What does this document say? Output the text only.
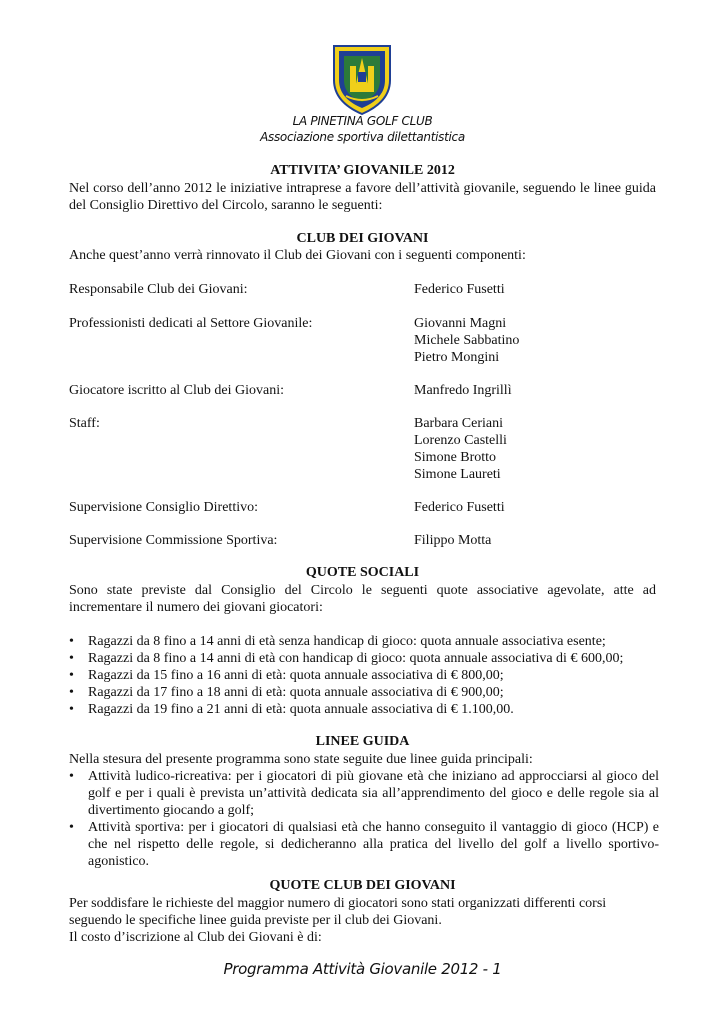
LA PINETINA GOLF CLUB
Associazione sportiva dilettantistica
ATTIVITA’ GIOVANILE 2012
Nel corso dell’anno 2012 le iniziative intraprese a favore dell’attività giovanile, seguendo le linee guida del Consiglio Direttivo del Circolo, saranno le seguenti:
CLUB DEI GIOVANI
Anche quest’anno verrà rinnovato il Club dei Giovani con i seguenti componenti:
Responsabile Club dei Giovani:	Federico Fusetti
Professionisti dedicati al Settore Giovanile:	Giovanni Magni
Michele Sabbatino
Pietro Mongini
Giocatore iscritto al Club dei Giovani:	Manfredo Ingrillì
Staff:	Barbara Ceriani
Lorenzo Castelli
Simone Brotto
Simone Laureti
Supervisione Consiglio Direttivo:	Federico Fusetti
Supervisione Commissione Sportiva:	Filippo Motta
QUOTE SOCIALI
Sono state previste dal Consiglio del Circolo le seguenti quote associative agevolate, atte ad incrementare il numero dei giovani giocatori:
• Ragazzi da 8 fino a 14 anni di età senza handicap di gioco: quota annuale associativa esente;
• Ragazzi da 8 fino a 14 anni di età con handicap di gioco: quota annuale associativa di € 600,00;
• Ragazzi da 15 fino a 16 anni di età: quota annuale associativa di € 800,00;
• Ragazzi da 17 fino a 18 anni di età: quota annuale associativa di € 900,00;
• Ragazzi da 19 fino a 21 anni di età: quota annuale associativa di € 1.100,00.
LINEE GUIDA
Nella stesura del presente programma sono state seguite due linee guida principali:
• Attività ludico-ricreativa: per i giocatori di più giovane età che iniziano ad approcciarsi al gioco del golf e per i quali è prevista un’attività dedicata sia all’apprendimento del gioco e delle regole sia al divertimento giocando a golf;
• Attività sportiva: per i giocatori di qualsiasi età che hanno conseguito il vantaggio di gioco (HCP) e che nel rispetto delle regole, si dedicheranno alla pratica del livello del golf a livello sportivo-agonistico.
QUOTE CLUB DEI GIOVANI
Per soddisfare le richieste del maggior numero di giocatori sono stati organizzati differenti corsi seguendo le specifiche linee guida previste per il club dei Giovani.
Il costo d’iscrizione al Club dei Giovani è di:
Programma Attività Giovanile 2012 - 1
